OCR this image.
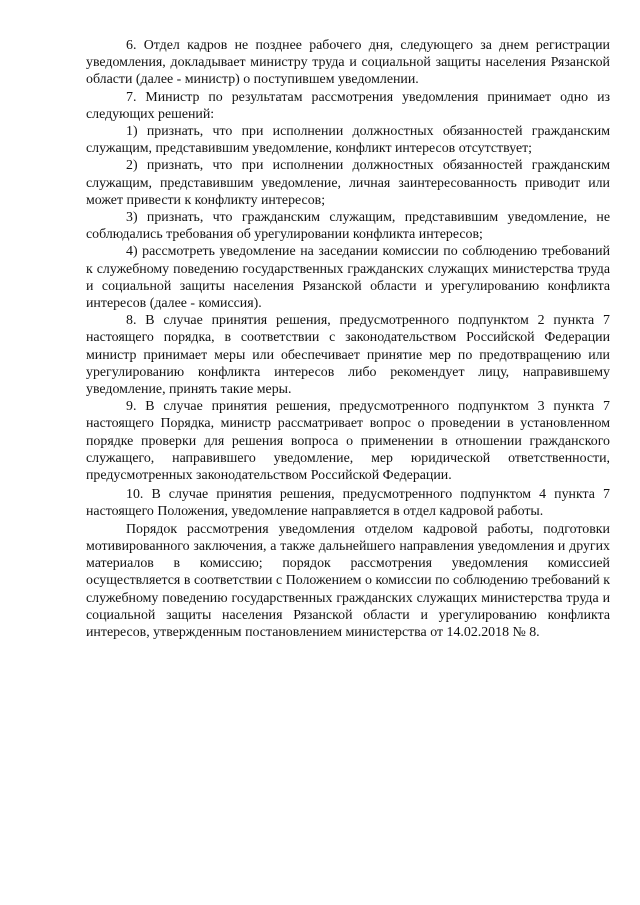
6. Отдел кадров не позднее рабочего дня, следующего за днем регистрации уведомления, докладывает министру труда и социальной защиты населения Рязанской области (далее - министр) о поступившем уведомлении.

7. Министр по результатам рассмотрения уведомления принимает одно из следующих решений:

1) признать, что при исполнении должностных обязанностей гражданским служащим, представившим уведомление, конфликт интересов отсутствует;

2) признать, что при исполнении должностных обязанностей гражданским служащим, представившим уведомление, личная заинтересованность приводит или может привести к конфликту интересов;

3) признать, что гражданским служащим, представившим уведомление, не соблюдались требования об урегулировании конфликта интересов;

4) рассмотреть уведомление на заседании комиссии по соблюдению требований к служебному поведению государственных гражданских служащих министерства труда и социальной защиты населения Рязанской области и урегулированию конфликта интересов (далее - комиссия).

8. В случае принятия решения, предусмотренного подпунктом 2 пункта 7 настоящего порядка, в соответствии с законодательством Российской Федерации министр принимает меры или обеспечивает принятие мер по предотвращению или урегулированию конфликта интересов либо рекомендует лицу, направившему уведомление, принять такие меры.

9. В случае принятия решения, предусмотренного подпунктом 3 пункта 7 настоящего Порядка, министр рассматривает вопрос о проведении в установленном порядке проверки для решения вопроса о применении в отношении гражданского служащего, направившего уведомление, мер юридической ответственности, предусмотренных законодательством Российской Федерации.

10. В случае принятия решения, предусмотренного подпунктом 4 пункта 7 настоящего Положения, уведомление направляется в отдел кадровой работы.

Порядок рассмотрения уведомления отделом кадровой работы, подготовки мотивированного заключения, а также дальнейшего направления уведомления и других материалов в комиссию; порядок рассмотрения уведомления комиссией осуществляется в соответствии с Положением о комиссии по соблюдению требований к служебному поведению государственных гражданских служащих министерства труда и социальной защиты населения Рязанской области и урегулированию конфликта интересов, утвержденным постановлением министерства от 14.02.2018 № 8.
